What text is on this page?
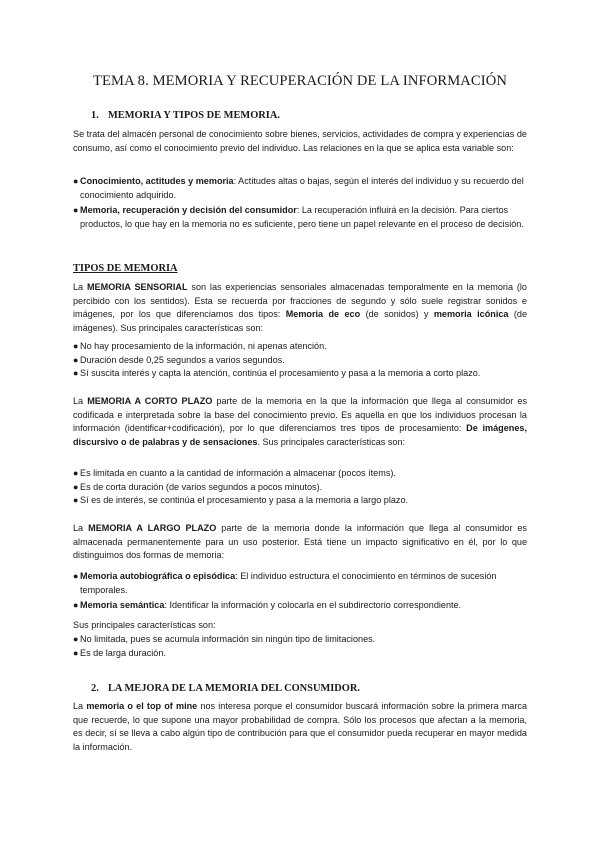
TEMA 8. MEMORIA Y RECUPERACIÓN DE LA INFORMACIÓN
1. MEMORIA Y TIPOS DE MEMORIA.
Se trata del almacén personal de conocimiento sobre bienes, servicios, actividades de compra y experiencias de consumo, así como el conocimiento previo del individuo. Las relaciones en la que se aplica esta variable son:
● Conocimiento, actitudes y memoria: Actitudes altas o bajas, según el interés del individuo y su recuerdo del conocimiento adquirido.
● Memoria, recuperación y decisión del consumidor: La recuperación influirá en la decisión. Para ciertos productos, lo que hay en la memoria no es suficiente, pero tiene un papel relevante en el proceso de decisión.
TIPOS DE MEMORIA
La MEMORIA SENSORIAL son las experiencias sensoriales almacenadas temporalmente en la memoria (lo percibido con los sentidos). Esta se recuerda por fracciones de segundo y sólo suele registrar sonidos e imágenes, por los que diferenciamos dos tipos: Memoria de eco (de sonidos) y memoria icónica (de imágenes). Sus principales características son:
● No hay procesamiento de la información, ni apenas atención.
● Duración desde 0,25 segundos a varios segundos.
● Sí suscita interés y capta la atención, continúa el procesamiento y pasa a la memoria a corto plazo.
La MEMORIA A CORTO PLAZO parte de la memoria en la que la información que llega al consumidor es codificada e interpretada sobre la base del conocimiento previo. Es aquella en que los individuos procesan la información (identificar+codificación), por lo que diferenciamos tres tipos de procesamiento: De imágenes, discursivo o de palabras y de sensaciones. Sus principales características son:
● Es limitada en cuanto a la cantidad de información a almacenar (pocos ítems).
● Es de corta duración (de varios segundos a pocos minutos).
● Sí es de interés, se continúa el procesamiento y pasa a la memoria a largo plazo.
La MEMORIA A LARGO PLAZO parte de la memoria donde la información que llega al consumidor es almacenada permanentemente para un uso posterior. Está tiene un impacto significativo en él, por lo que distinguimos dos formas de memoria:
● Memoria autobiográfica o episódica: El individuo estructura el conocimiento en términos de sucesión temporales.
● Memoria semántica: Identificar la información y colocarla en el subdirectorio correspondiente.
Sus principales características son:
● No limitada, pues se acumula información sin ningún tipo de limitaciones.
● Es de larga duración.
2. LA MEJORA DE LA MEMORIA DEL CONSUMIDOR.
La memoria o el top of mine nos interesa porque el consumidor buscará información sobre la primera marca que recuerde, lo que supone una mayor probabilidad de compra. Sólo los procesos que afectan a la memoria, es decir, sí se lleva a cabo algún tipo de contribución para que el consumidor pueda recuperar en mayor medida la información.
